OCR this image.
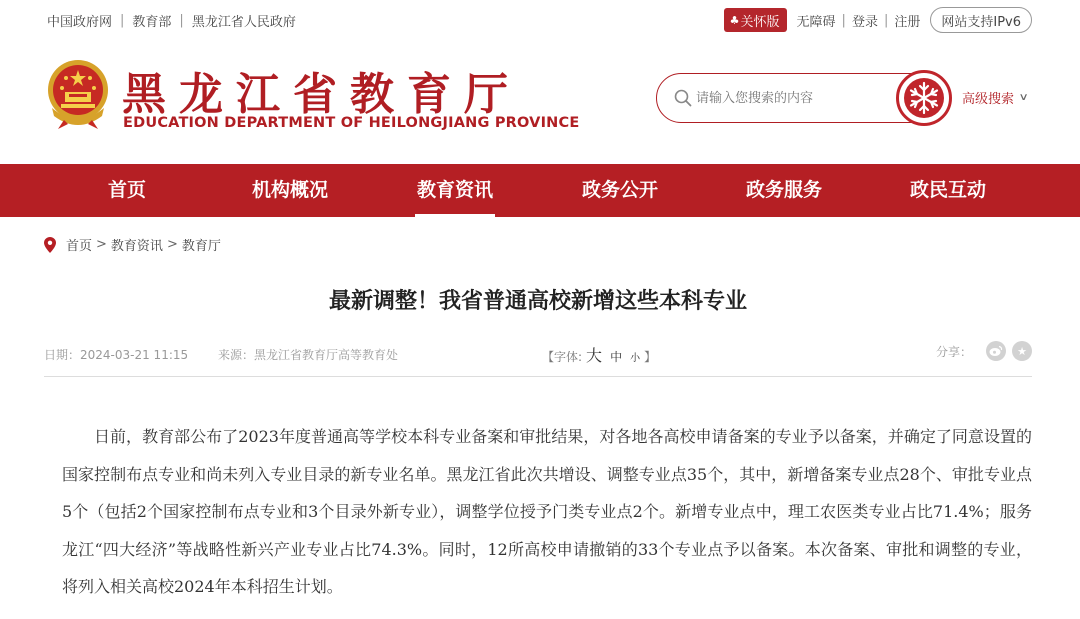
中国政府网 | 教育部 | 黑龙江省人民政府	♣ 关怀版 无障碍 | 登录 | 注册	网站支持IPv6
黑龙江省教育厅
EDUCATION DEPARTMENT OF HEILONGJIANG PROVINCE
请输入您搜索的内容
高级搜索 ∨
首页	机构概况	教育资讯	政务公开	政务服务	政民互动
首页 > 教育资讯 > 教育厅
最新调整！我省普通高校新增这些本科专业
日期：2024-03-21 11:15 来源：黑龙江省教育厅高等教育处	【字体: 大 中 小 】	分享：	★
日前，教育部公布了2023年度普通高等学校本科专业备案和审批结果，对各地各高校申请备案的专业予以备案，并确定了同意设置的国家控制布点专业和尚未列入专业目录的新专业名单。黑龙江省此次共增设、调整专业点35个，其中，新增备案专业点28个、审批专业点5个（包括2个国家控制布点专业和3个目录外新专业），调整学位授予门类专业点2个。新增专业点中，理工农医类专业占比71.4%；服务龙江“四大经济”等战略性新兴产业专业占比74.3%。同时，12所高校申请撤销的33个专业点予以备案。本次备案、审批和调整的专业，将列入相关高校2024年本科招生计划。
